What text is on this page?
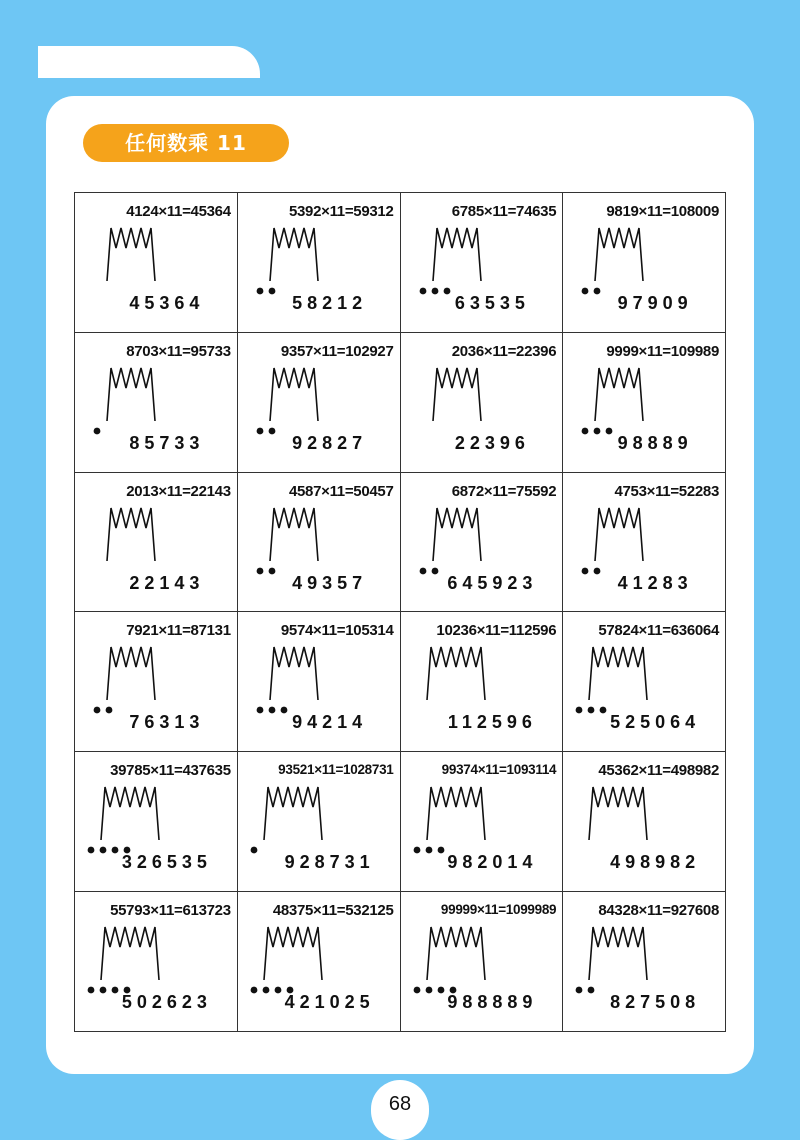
任何数乘 11
4124×11=45364
45364
5392×11=59312
58212
6785×11=74635
63535
9819×11=108009
97909
8703×11=95733
85733
9357×11=102927
92827
2036×11=22396
22396
9999×11=109989
98889
2013×11=22143
22143
4587×11=50457
49357
6872×11=75592
645923
4753×11=52283
41283
7921×11=87131
76313
9574×11=105314
94214
10236×11=112596
112596
57824×11=636064
525064
39785×11=437635
326535
93521×11=1028731
928731
99374×11=1093114
982014
45362×11=498982
498982
55793×11=613723
502623
48375×11=532125
421025
99999×11=1099989
988889
84328×11=927608
827508
68
